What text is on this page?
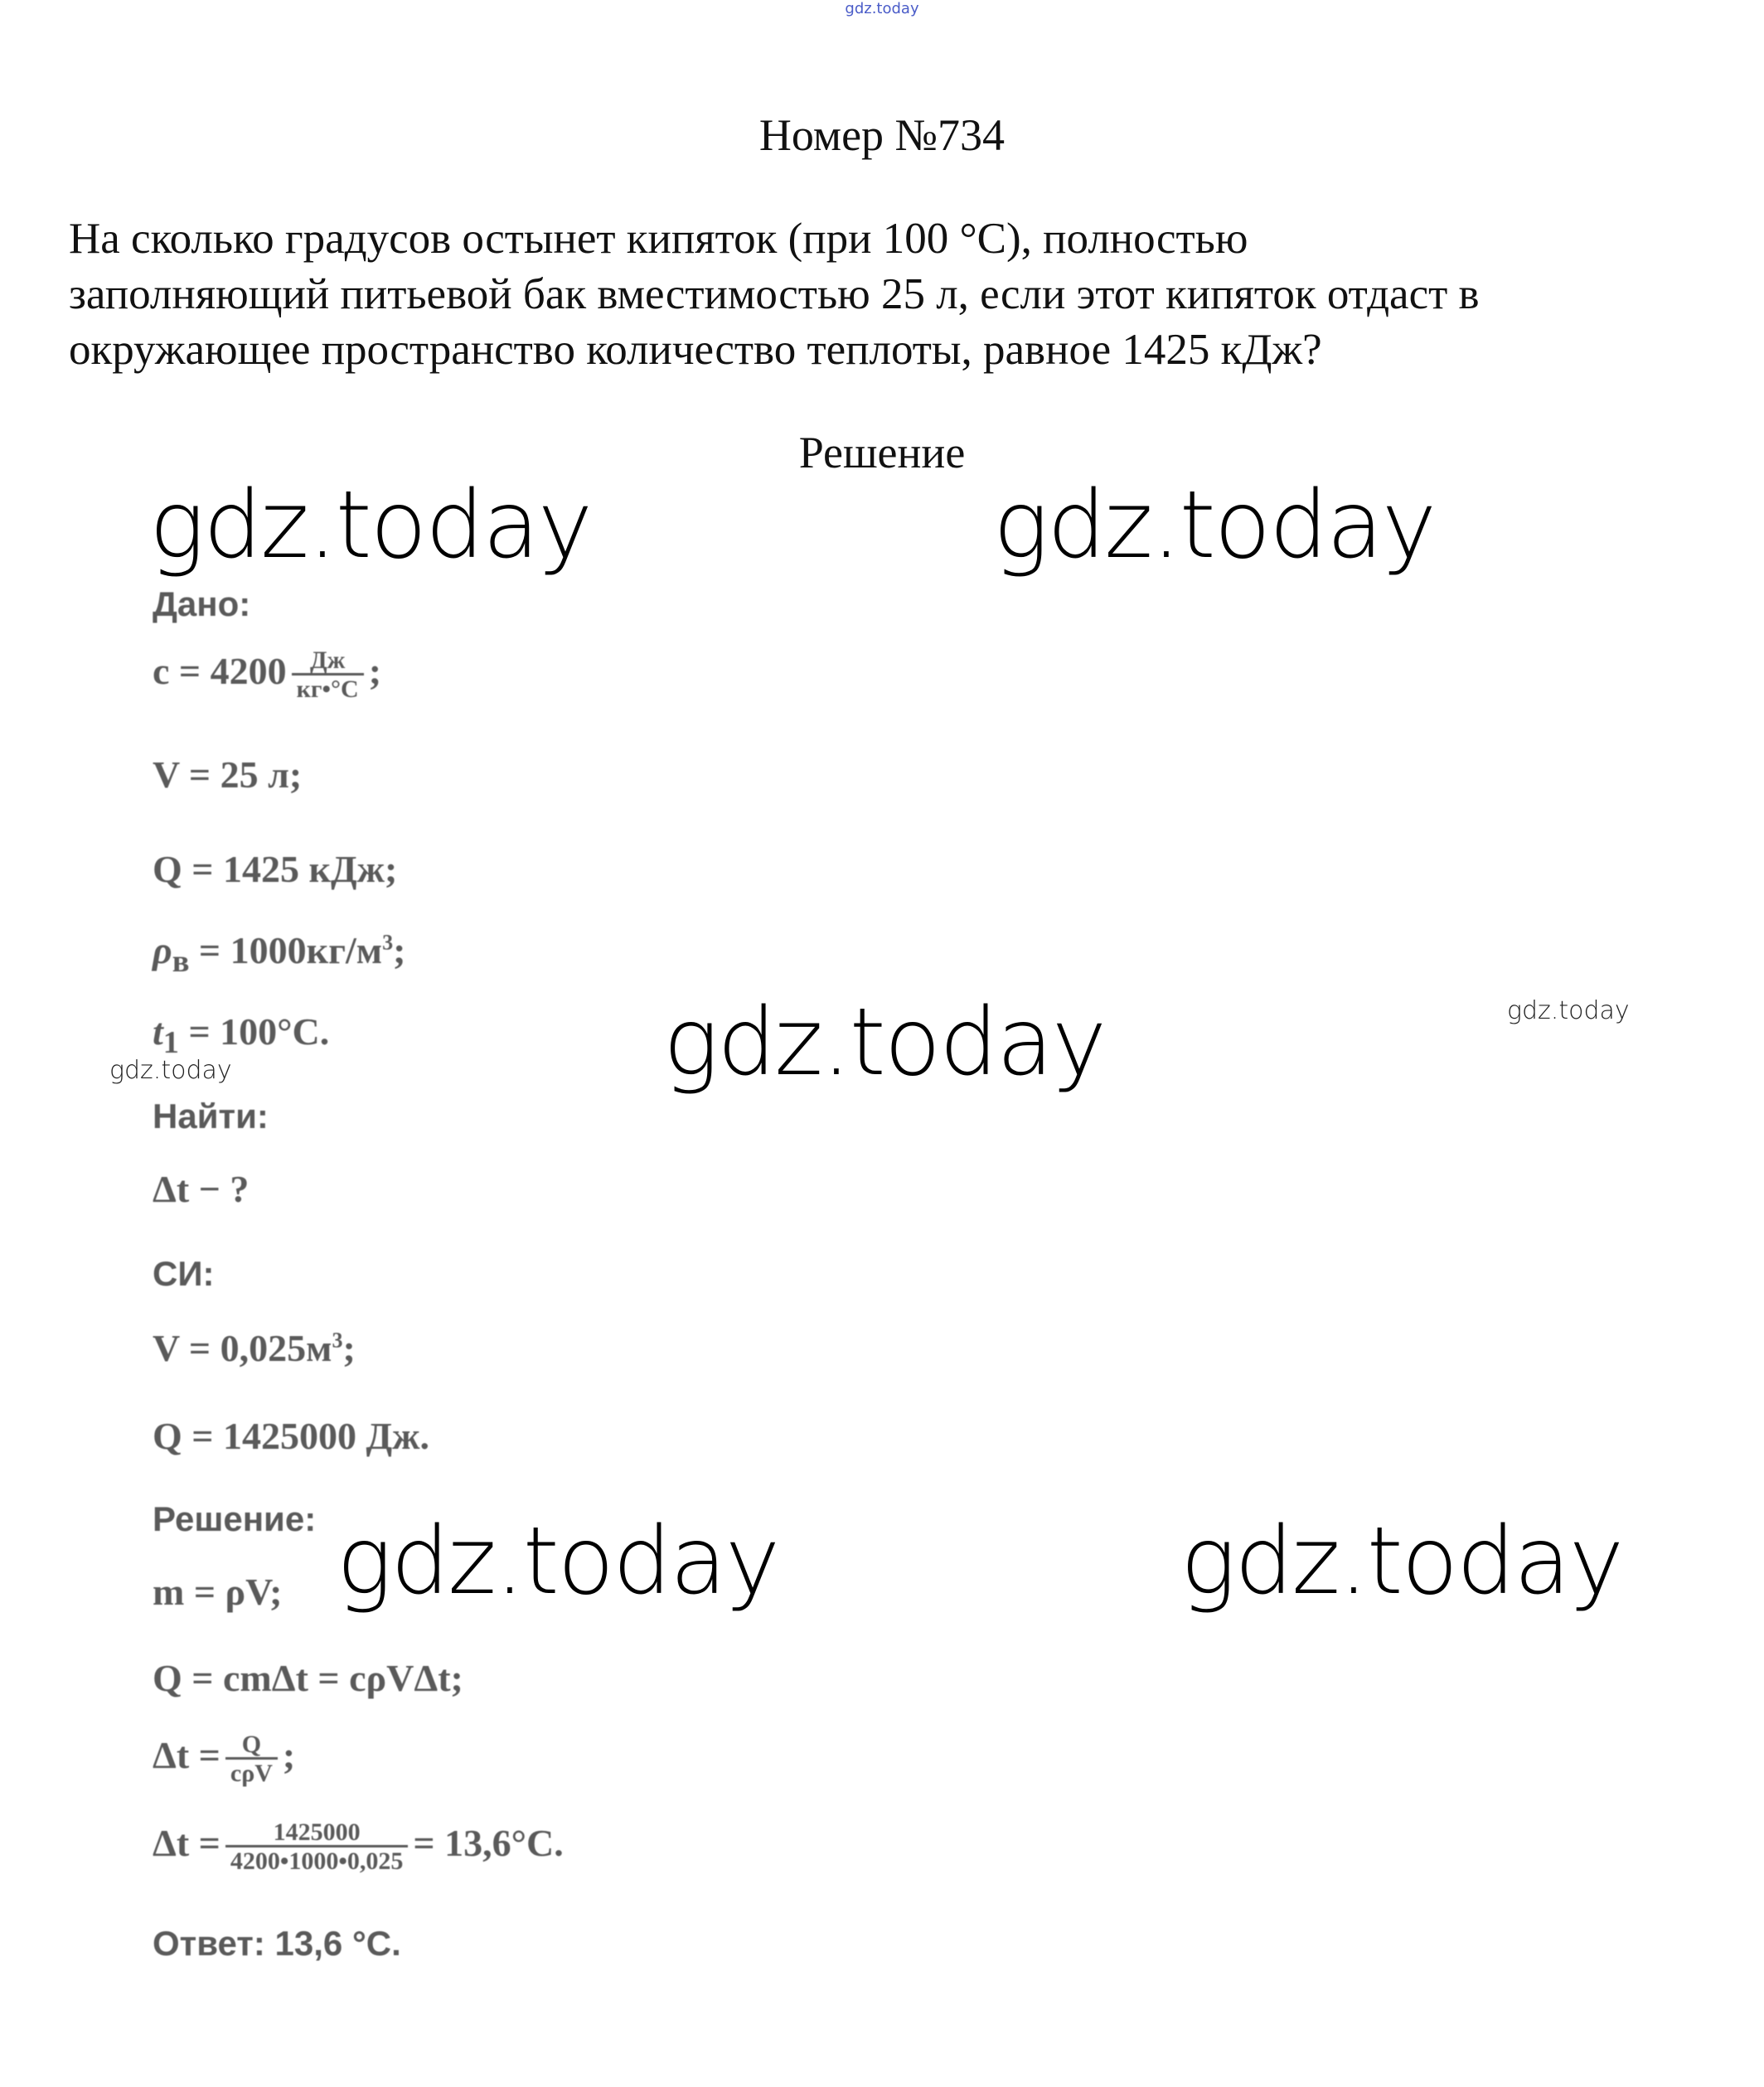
gdz.today
Номер №734
На сколько градусов остынет кипяток (при 100 °С), полностью
заполняющий питьевой бак вместимостью 25 л, если этот кипяток отдаст в
окружающее пространство количество теплоты, равное 1425 кДж?
Решение
gdz.today	gdz.today
gdz.today
gdz.today	gdz.today
gdz.today
gdz.today
Дано:
$c = 4200 \frac{Дж}{кг•^\circ С}$ ;
V = 25 л;
Q = 1425 кДж;
$\rho_в = 1000кг/м^3$;
$t_1 = 100^\circ С$.
Найти:
Δt − ?
СИ:
$V = 0,025м^3$;
Q = 1425000 Дж.
Решение:
m = ρV;
Q = cmΔt = cρVΔt;
$\Delta t = \frac{Q}{\text{cρV}}$ ;
$\Delta t = \frac{1425000}{4200•1000•0,025} = 13,6^\circ С$.
Ответ: 13,6 °С.
